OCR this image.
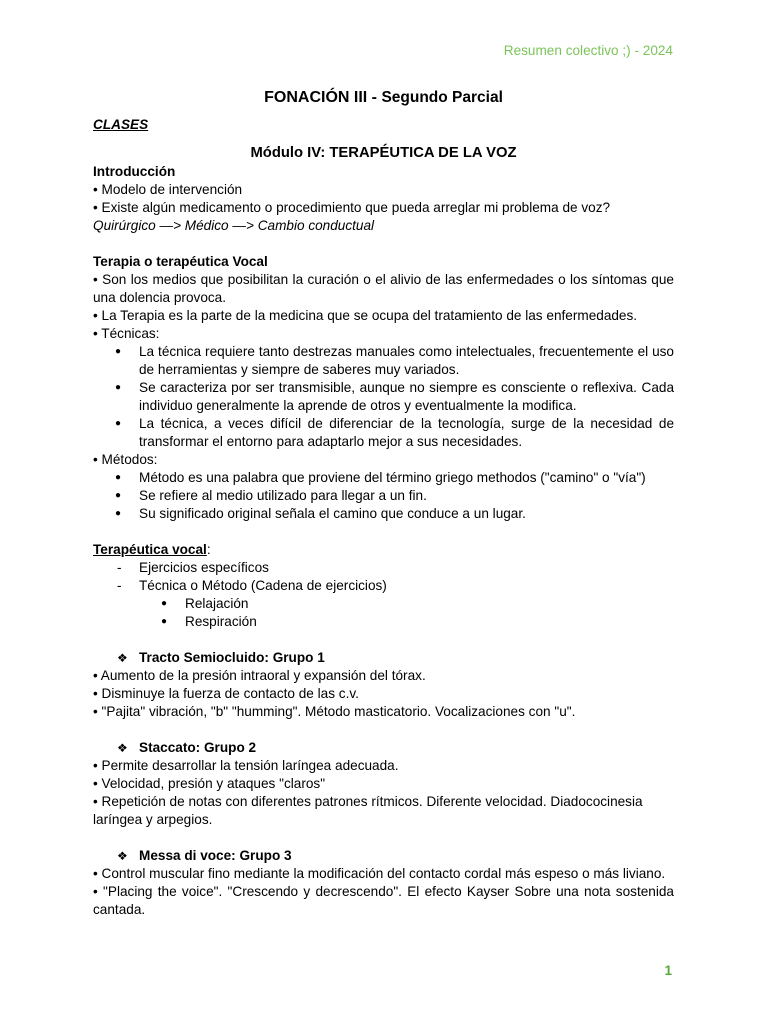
Resumen colectivo ;) - 2024

FONACIÓN III - Segundo Parcial

CLASES

Módulo IV: TERAPÉUTICA DE LA VOZ

Introducción

• Modelo de intervención

• Existe algún medicamento o procedimiento que pueda arreglar mi problema de voz?

Quirúrgico —> Médico —> Cambio conductual

Terapia o terapéutica Vocal

• Son los medios que posibilitan la curación o el alivio de las enfermedades o los síntomas que una dolencia provoca.

• La Terapia es la parte de la medicina que se ocupa del tratamiento de las enfermedades.

• Técnicas:

● La técnica requiere tanto destrezas manuales como intelectuales, frecuentemente el uso de herramientas y siempre de saberes muy variados.
● Se caracteriza por ser transmisible, aunque no siempre es consciente o reflexiva. Cada individuo generalmente la aprende de otros y eventualmente la modifica.
● La técnica, a veces difícil de diferenciar de la tecnología, surge de la necesidad de transformar el entorno para adaptarlo mejor a sus necesidades.

• Métodos:

● Método es una palabra que proviene del término griego methodos ("camino" o "vía")
● Se refiere al medio utilizado para llegar a un fin.
● Su significado original señala el camino que conduce a un lugar.
Terapéutica vocal:
- Ejercicios específicos
- Técnica o Método (Cadena de ejercicios)
● Relajación
● Respiración
❖ Tracto Semiocluido: Grupo 1

• Aumento de la presión intraoral y expansión del tórax.

• Disminuye la fuerza de contacto de las c.v.

• "Pajita" vibración, "b" "humming". Método masticatorio. Vocalizaciones con "u".

❖ Staccato: Grupo 2

• Permite desarrollar la tensión laríngea adecuada.

• Velocidad, presión y ataques "claros"

• Repetición de notas con diferentes patrones rítmicos. Diferente velocidad. Diadococinesia laríngea y arpegios.

❖ Messa di voce: Grupo 3

• Control muscular fino mediante la modificación del contacto cordal más espeso o más liviano.

• "Placing the voice". "Crescendo y decrescendo". El efecto Kayser Sobre una nota sostenida cantada.

1
